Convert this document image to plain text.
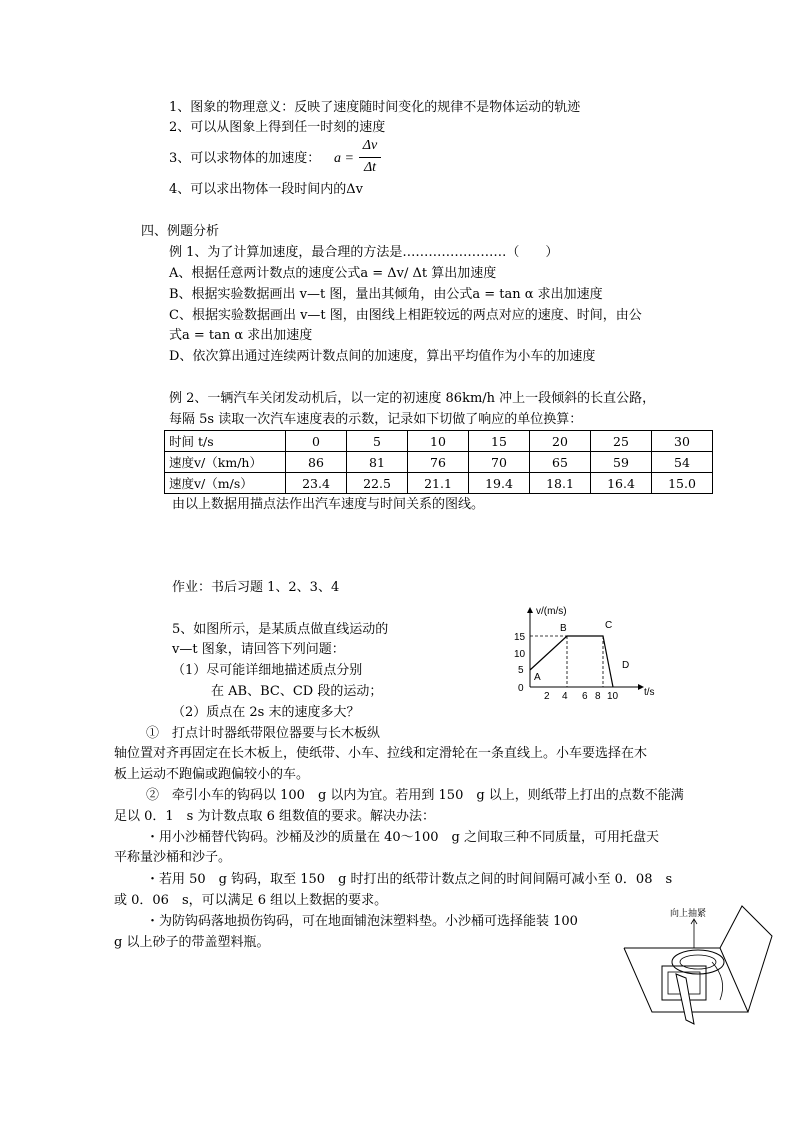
1、图象的物理意义：反映了速度随时间变化的规律不是物体运动的轨迹
2、可以从图象上得到任一时刻的速度
3、可以求物体的加速度： a =
Δv
Δt
4、可以求出物体一段时间内的Δv
四、例题分析
例 1、为了计算加速度，最合理的方法是……………………（　　）
A、根据任意两计数点的速度公式a = Δv/ Δt 算出加速度
B、根据实验数据画出 v—t 图，量出其倾角，由公式a = tan α 求出加速度
C、根据实验数据画出 v—t 图，由图线上相距较远的两点对应的速度、时间，由公
式a = tan α 求出加速度
D、依次算出通过连续两计数点间的加速度，算出平均值作为小车的加速度
例 2、一辆汽车关闭发动机后，以一定的初速度 86km/h 冲上一段倾斜的长直公路，
每隔 5s 读取一次汽车速度表的示数，记录如下切做了响应的单位换算：
时间 t/s	0	5	10	15	20	25	30
速度v/（km/h）	86	81	76	70	65	59	54
速度v/（m/s）	23.4	22.5	21.1	19.4	18.1	16.4	15.0
由以上数据用描点法作出汽车速度与时间关系的图线。
作业：书后习题 1、2、3、4
5、如图所示，是某质点做直线运动的
v—t 图象，请回答下列问题：
（1）尽可能详细地描述质点分别
在 AB、BC、CD 段的运动；
（2）质点在 2s 末的速度多大？
v/(m/s)
t/s
15
10
5
0
2 4 6 8 10
A
B	C
D
①　打点计时器纸带限位器要与长木板纵
轴位置对齐再固定在长木板上，使纸带、小车、拉线和定滑轮在一条直线上。小车要选择在木
板上运动不跑偏或跑偏较小的车。
②　牵引小车的钩码以 100　g 以内为宜。若用到 150　g 以上，则纸带上打出的点数不能满
足以 0．1　s 为计数点取 6 组数值的要求。解决办法：
・用小沙桶替代钩码。沙桶及沙的质量在 40～100　g 之间取三种不同质量，可用托盘天
平称量沙桶和沙子。
・若用 50　g 钩码，取至 150　g 时打出的纸带计数点之间的时间间隔可减小至 0．08　s
或 0．06　s，可以满足 6 组以上数据的要求。
・为防钩码落地损伤钩码，可在地面铺泡沫塑料垫。小沙桶可选择能装 100
g 以上砂子的带盖塑料瓶。
向上抽紧
